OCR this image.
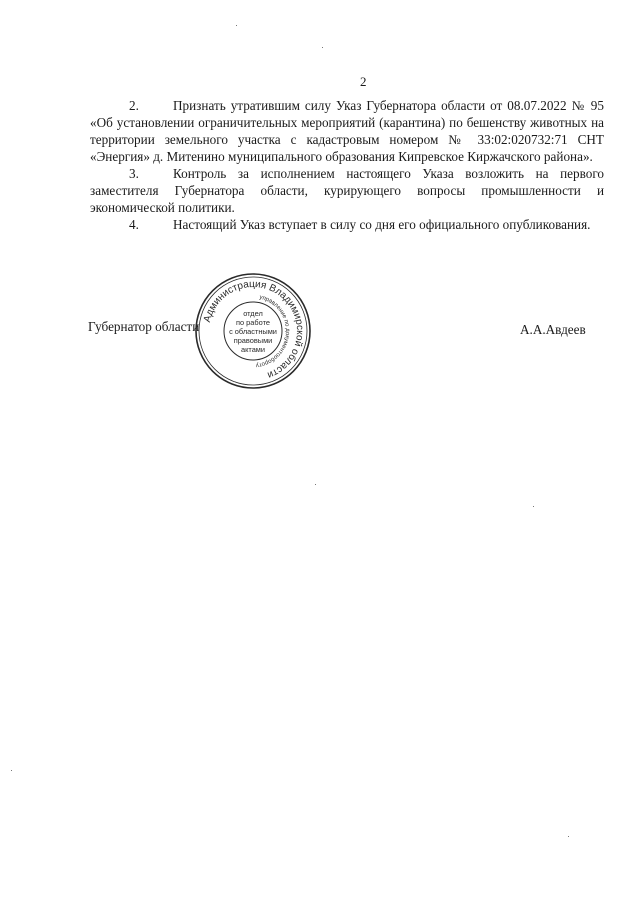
2

2.	Признать утратившим силу Указ Губернатора области от 08.07.2022 № 95 «Об установлении ограничительных мероприятий (карантина) по бешенству животных на территории земельного участка с кадастровым номером № 33:02:020732:71 СНТ «Энергия» д. Митенино муниципального образования Кипревское Киржачского района».

3.	Контроль за исполнением настоящего Указа возложить на первого заместителя Губернатора области, курирующего вопросы промышленности и экономической политики.

4.	Настоящий Указ вступает в силу со дня его официального опубликования.

Губернатор области	А.А.Авдеев
Администрация Владимирской области
управление по документообороту
отдел
по работе
с областными
правовыми
актами
